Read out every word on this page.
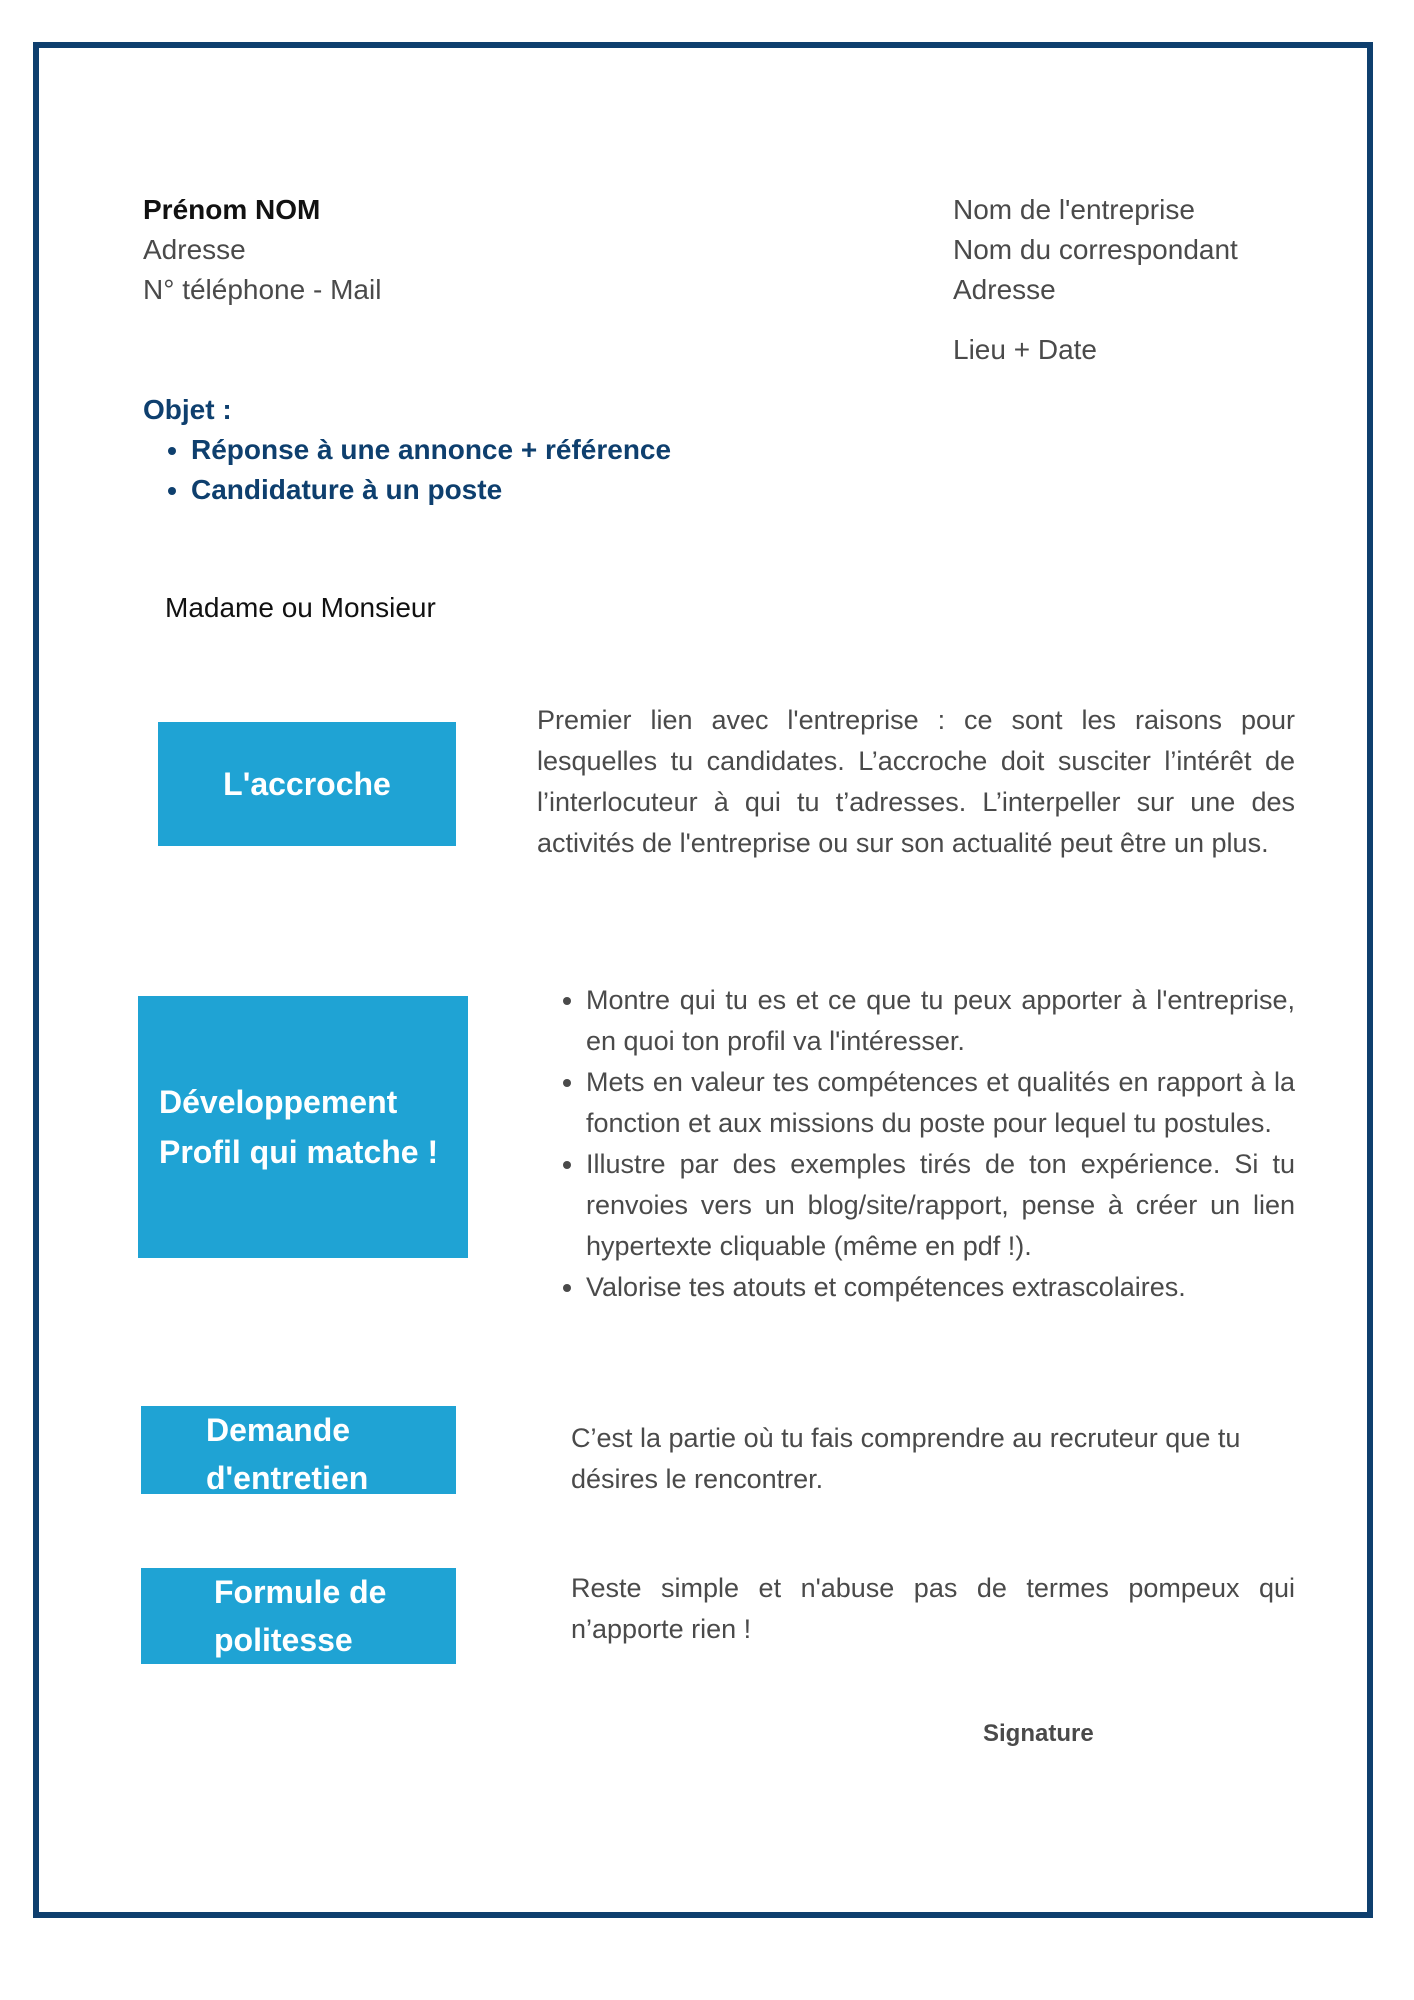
Prénom NOM
Adresse
N° téléphone - Mail
Nom de l'entreprise
Nom du correspondant
Adresse
Lieu + Date
Objet :
• Réponse à une annonce + référence
• Candidature à un poste
Madame ou Monsieur
L'accroche
Premier lien avec l'entreprise : ce sont les raisons pour lesquelles tu candidates. L’accroche doit susciter l’intérêt de l’interlocuteur à qui tu t’adresses. L’interpeller sur une des activités de l'entreprise ou sur son actualité peut être un plus.
Développement
Profil qui matche !
• Montre qui tu es et ce que tu peux apporter à l'entreprise, en quoi ton profil va l'intéresser.
• Mets en valeur tes compétences et qualités en rapport à la fonction et aux missions du poste pour lequel tu postules.
• Illustre par des exemples tirés de ton expérience. Si tu renvoies vers un blog/site/rapport, pense à créer un lien hypertexte cliquable (même en pdf !).
• Valorise tes atouts et compétences extrascolaires.
Demande
d'entretien
C’est la partie où tu fais comprendre au recruteur que tu désires le rencontrer.
Formule de
politesse
Reste simple et n'abuse pas de termes pompeux qui n’apporte rien !
Signature
